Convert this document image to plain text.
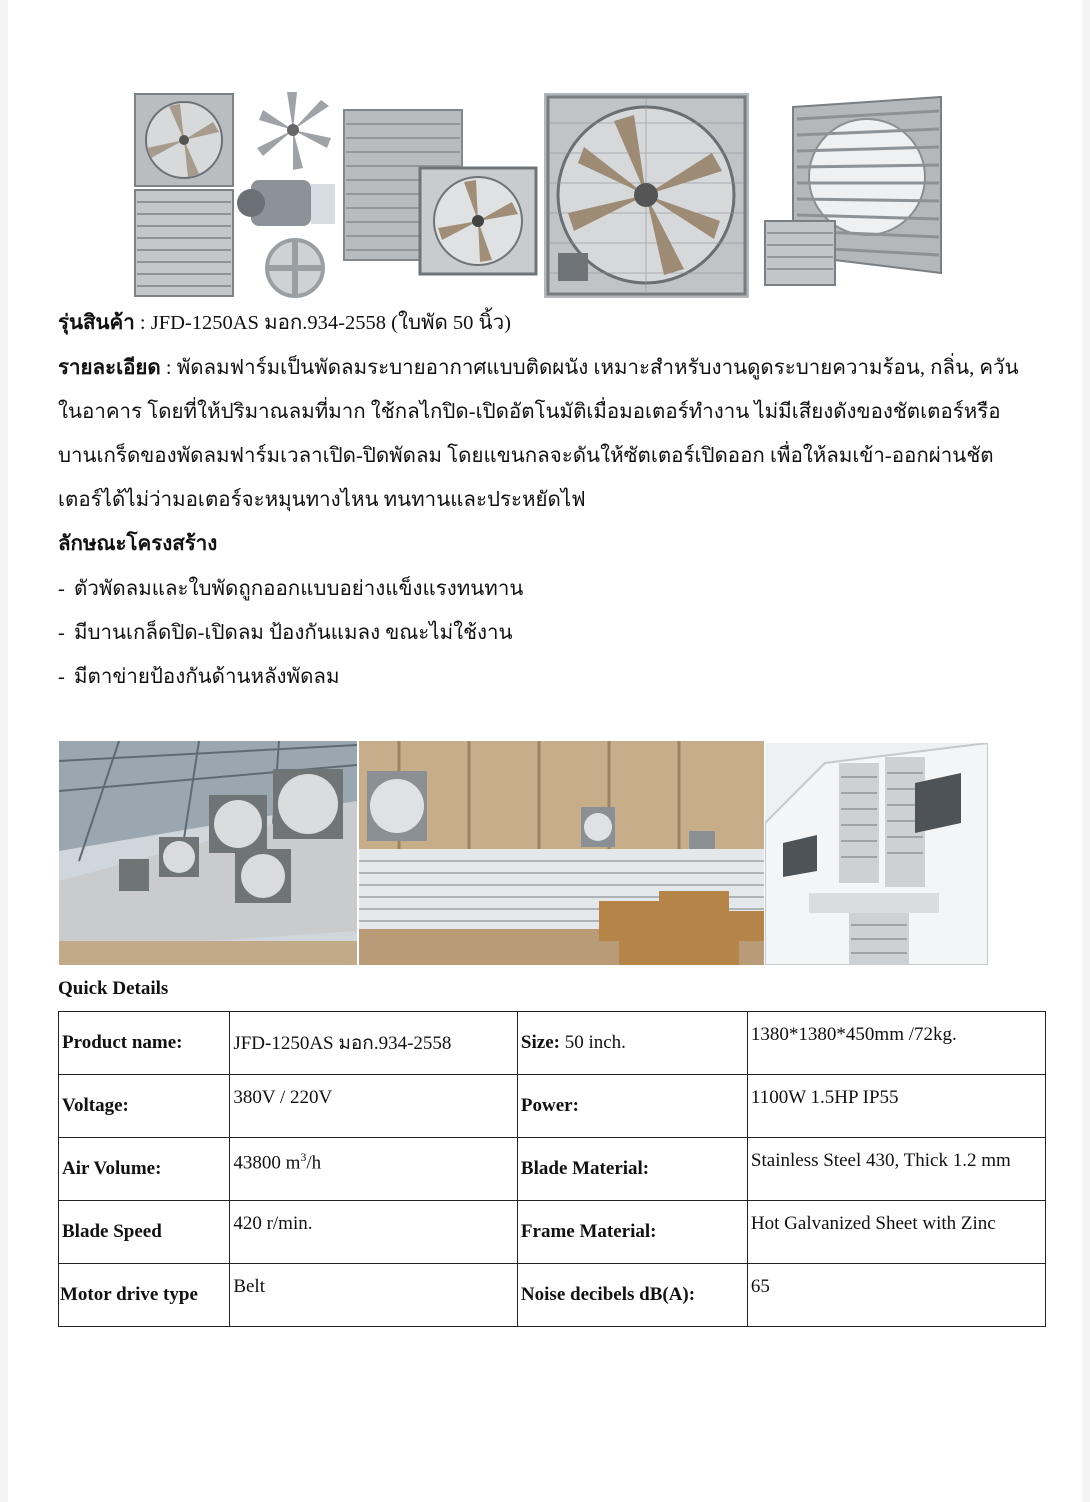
รุ่นสินค้า : JFD-1250AS มอก.934-2558 (ใบพัด 50 นิ้ว)
รายละเอียด : พัดลมฟาร์มเป็นพัดลมระบายอากาศแบบติดผนัง เหมาะสำหรับงานดูดระบายความร้อน, กลิ่น, ควัน
ในอาคาร โดยที่ให้ปริมาณลมที่มาก ใช้กลไกปิด-เปิดอัตโนมัติเมื่อมอเตอร์ทำงาน ไม่มีเสียงดังของชัตเตอร์หรือ
บานเกร็ดของพัดลมฟาร์มเวลาเปิด-ปิดพัดลม โดยแขนกลจะดันให้ซัตเตอร์เปิดออก เพื่อให้ลมเข้า-ออกผ่านชัต
เตอร์ได้ไม่ว่ามอเตอร์จะหมุนทางไหน ทนทานและประหยัดไฟ
ลักษณะโครงสร้าง
- ตัวพัดลมและใบพัดถูกออกแบบอย่างแข็งแรงทนทาน
- มีบานเกล็ดปิด-เปิดลม ป้องกันแมลง ขณะไม่ใช้งาน
- มีตาข่ายป้องกันด้านหลังพัดลม
Quick Details
Product name:	JFD-1250AS มอก.934-2558	Size: 50 inch.	1380*1380*450mm /72kg.
Voltage:	380V / 220V	Power:	1100W 1.5HP IP55
Air Volume:	43800 $m^3/h$	Blade Material:	Stainless Steel 430, Thick 1.2 mm
Blade Speed	420 r/min.	Frame Material:	Hot Galvanized Sheet with Zinc
Motor drive type	Belt	Noise decibels dB(A):	65
